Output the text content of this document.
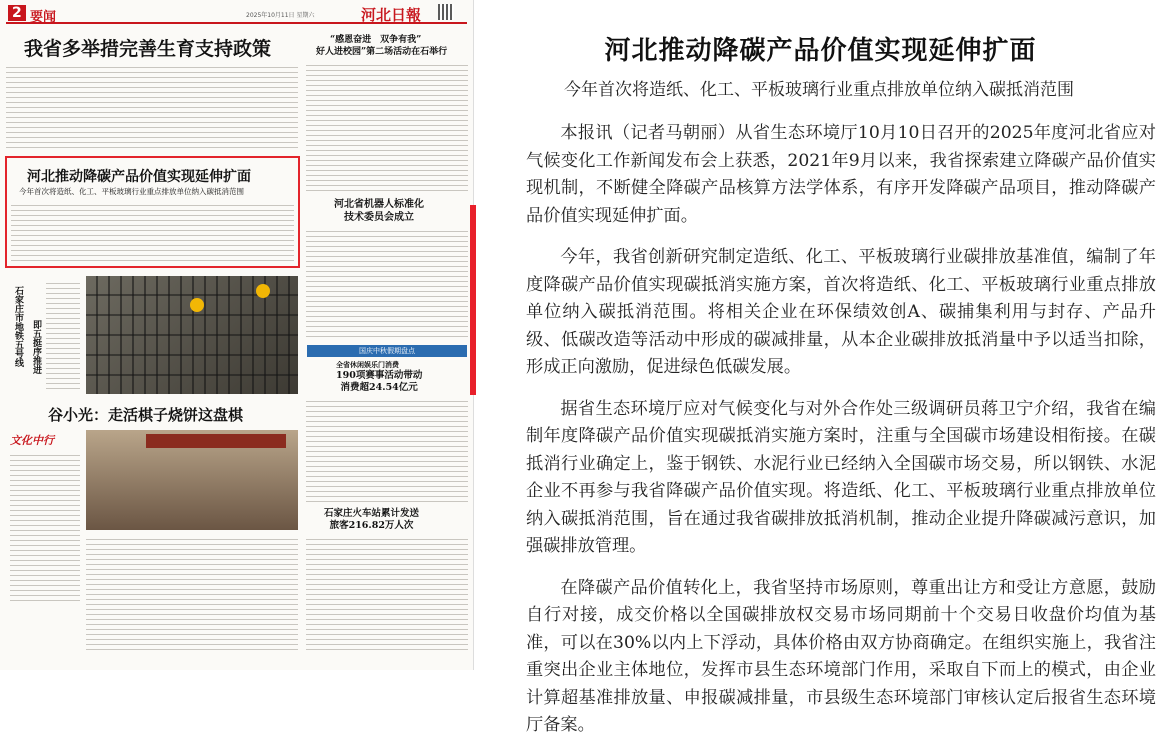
2 要闻	2025年10月11日 星期六	河北日報
我省多举措完善生育支持政策	“感恩奋进　双争有我”
好人进校园”第二场活动在石举行
河北推动降碳产品价值实现延伸扩面
今年首次将造纸、化工、平板玻璃行业重点排放单位纳入碳抵消范围
河北省机器人标准化
技术委员会成立
石家庄市地铁五号线 即五挺序推进	国庆中秋假期盘点
全省休闲娱乐门消费
190项赛事活动带动
消费超24.54亿元
谷小光：走活棋子烧饼这盘棋
文化中行
石家庄火车站累计发送
旅客216.82万人次
河北推动降碳产品价值实现延伸扩面
今年首次将造纸、化工、平板玻璃行业重点排放单位纳入碳抵消范围

本报讯（记者马朝丽）从省生态环境厅10月10日召开的2025年度河北省应对气候变化工作新闻发布会上获悉，2021年9月以来，我省探索建立降碳产品价值实现机制，不断健全降碳产品核算方法学体系，有序开发降碳产品项目，推动降碳产品价值实现延伸扩面。

今年，我省创新研究制定造纸、化工、平板玻璃行业碳排放基准值，编制了年度降碳产品价值实现碳抵消实施方案，首次将造纸、化工、平板玻璃行业重点排放单位纳入碳抵消范围。将相关企业在环保绩效创A、碳捕集利用与封存、产品升级、低碳改造等活动中形成的碳减排量，从本企业碳排放抵消量中予以适当扣除，形成正向激励，促进绿色低碳发展。

据省生态环境厅应对气候变化与对外合作处三级调研员蒋卫宁介绍，我省在编制年度降碳产品价值实现碳抵消实施方案时，注重与全国碳市场建设相衔接。在碳抵消行业确定上，鉴于钢铁、水泥行业已经纳入全国碳市场交易，所以钢铁、水泥企业不再参与我省降碳产品价值实现。将造纸、化工、平板玻璃行业重点排放单位纳入碳抵消范围，旨在通过我省碳排放抵消机制，推动企业提升降碳减污意识，加强碳排放管理。

在降碳产品价值转化上，我省坚持市场原则，尊重出让方和受让方意愿，鼓励自行对接，成交价格以全国碳排放权交易市场同期前十个交易日收盘价均值为基准，可以在30%以内上下浮动，具体价格由双方协商确定。在组织实施上，我省注重突出企业主体地位，发挥市县生态环境部门作用，采取自下而上的模式，由企业计算超基准排放量、申报碳减排量，市县级生态环境部门审核认定后报省生态环境厅备案。
